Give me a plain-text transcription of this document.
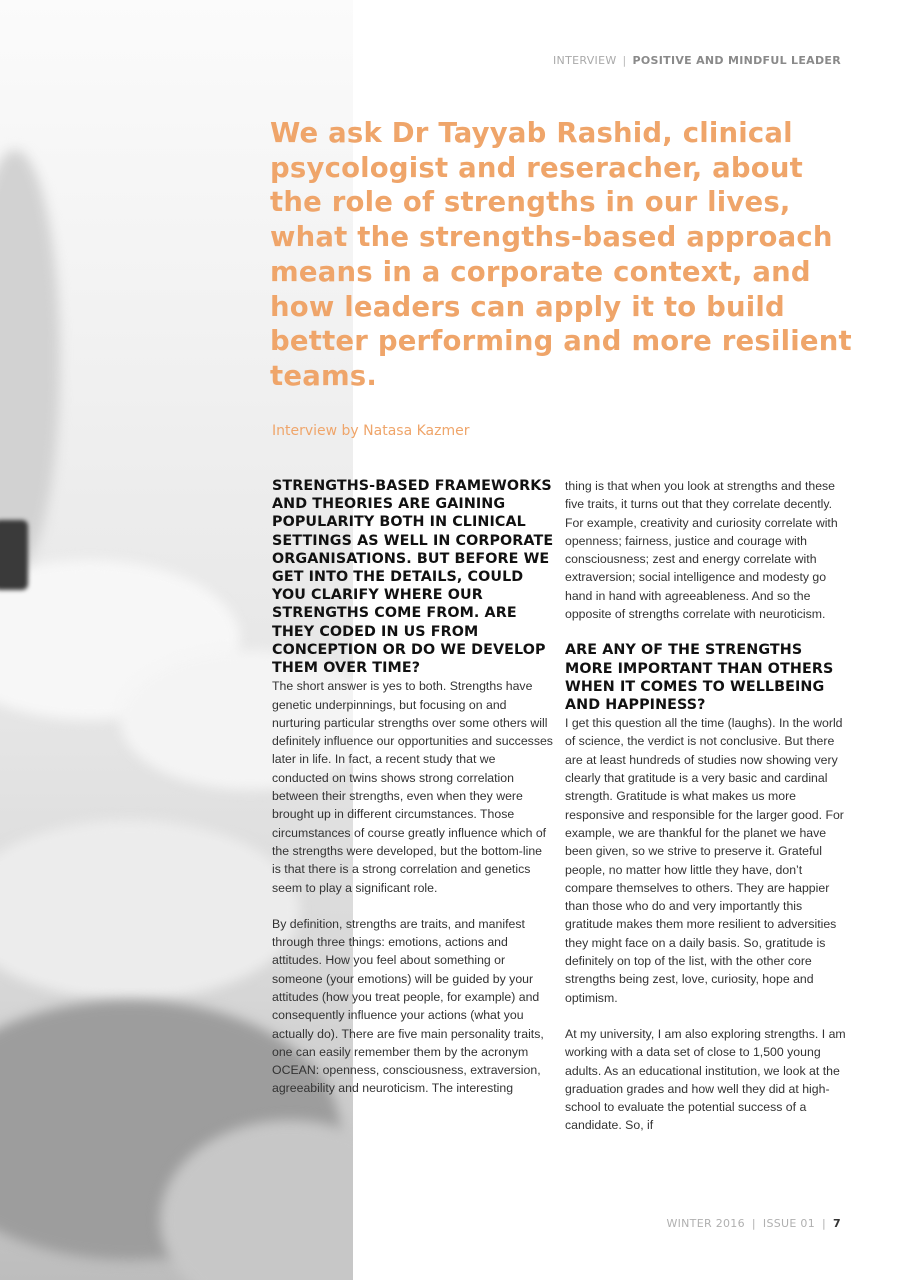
INTERVIEW | POSITIVE AND MINDFUL LEADER

We ask Dr Tayyab Rashid, clinical psycologist and reseracher, about the role of strengths in our lives, what the strengths-based approach means in a corporate context, and how leaders can apply it to build better performing and more resilient teams.

Interview by Natasa Kazmer

STRENGTHS-BASED FRAMEWORKS AND THEORIES ARE GAINING POPULARITY BOTH IN CLINICAL SETTINGS AS WELL IN CORPORATE ORGANISATIONS. BUT BEFORE WE GET INTO THE DETAILS, COULD YOU CLARIFY WHERE OUR STRENGTHS COME FROM. ARE THEY CODED IN US FROM CONCEPTION OR DO WE DEVELOP THEM OVER TIME?

The short answer is yes to both. Strengths have genetic underpinnings, but focusing on and nurturing particular strengths over some others will definitely influence our opportunities and successes later in life. In fact, a recent study that we conducted on twins shows strong correlation between their strengths, even when they were brought up in different circumstances. Those circumstances of course greatly influence which of the strengths were developed, but the bottom-line is that there is a strong correlation and genetics seem to play a significant role.

By definition, strengths are traits, and manifest through three things: emotions, actions and attitudes. How you feel about something or someone (your emotions) will be guided by your attitudes (how you treat people, for example) and consequently influence your actions (what you actually do). There are five main personality traits, one can easily remember them by the acronym OCEAN: openness, consciousness, extraversion, agreeability and neuroticism. The interesting

thing is that when you look at strengths and these five traits, it turns out that they correlate decently. For example, creativity and curiosity correlate with openness; fairness, justice and courage with consciousness; zest and energy correlate with extraversion; social intelligence and modesty go hand in hand with agreeableness. And so the opposite of strengths correlate with neuroticism.

ARE ANY OF THE STRENGTHS MORE IMPORTANT THAN OTHERS WHEN IT COMES TO WELLBEING AND HAPPINESS?

I get this question all the time (laughs). In the world of science, the verdict is not conclusive. But there are at least hundreds of studies now showing very clearly that gratitude is a very basic and cardinal strength. Gratitude is what makes us more responsive and responsible for the larger good. For example, we are thankful for the planet we have been given, so we strive to preserve it. Grateful people, no matter how little they have, don’t compare themselves to others. They are happier than those who do and very importantly this gratitude makes them more resilient to adversities they might face on a daily basis. So, gratitude is definitely on top of the list, with the other core strengths being zest, love, curiosity, hope and optimism.

At my university, I am also exploring strengths. I am working with a data set of close to 1,500 young adults. As an educational institution, we look at the graduation grades and how well they did at high-school to evaluate the potential success of a candidate. So, if

WINTER 2016 | ISSUE 01 | 7
